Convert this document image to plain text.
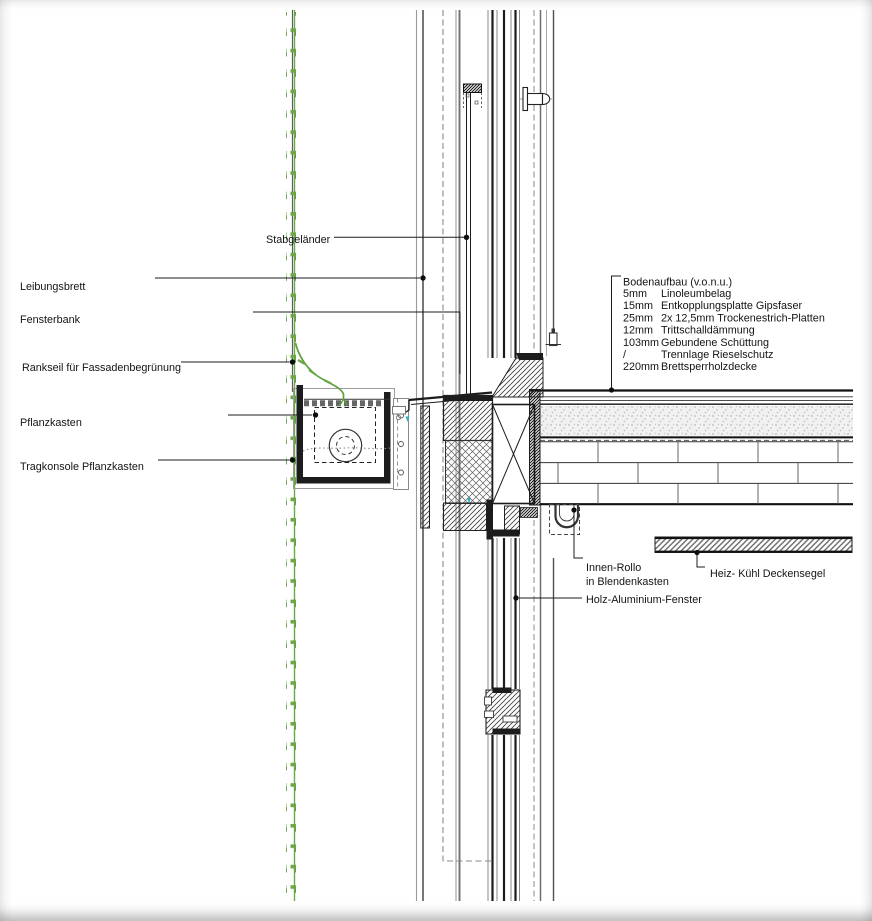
Stabgeländer
Leibungsbrett
Fensterbank
Rankseil für Fassadenbegrünung
Pflanzkasten
Tragkonsole Pflanzkasten
Innen-Rollo
in Blendenkasten
Heiz- Kühl Deckensegel
Holz-Aluminium-Fenster
Bodenaufbau (v.o.n.u.)
5mm Linoleumbelag
15mm Entkopplungsplatte Gipsfaser
25mm 2x 12,5mm Trockenestrich-Platten
12mm Trittschalldämmung
103mm Gebundene Schüttung
/	Trennlage Rieselschutz
220mm Brettsperrholzdecke
